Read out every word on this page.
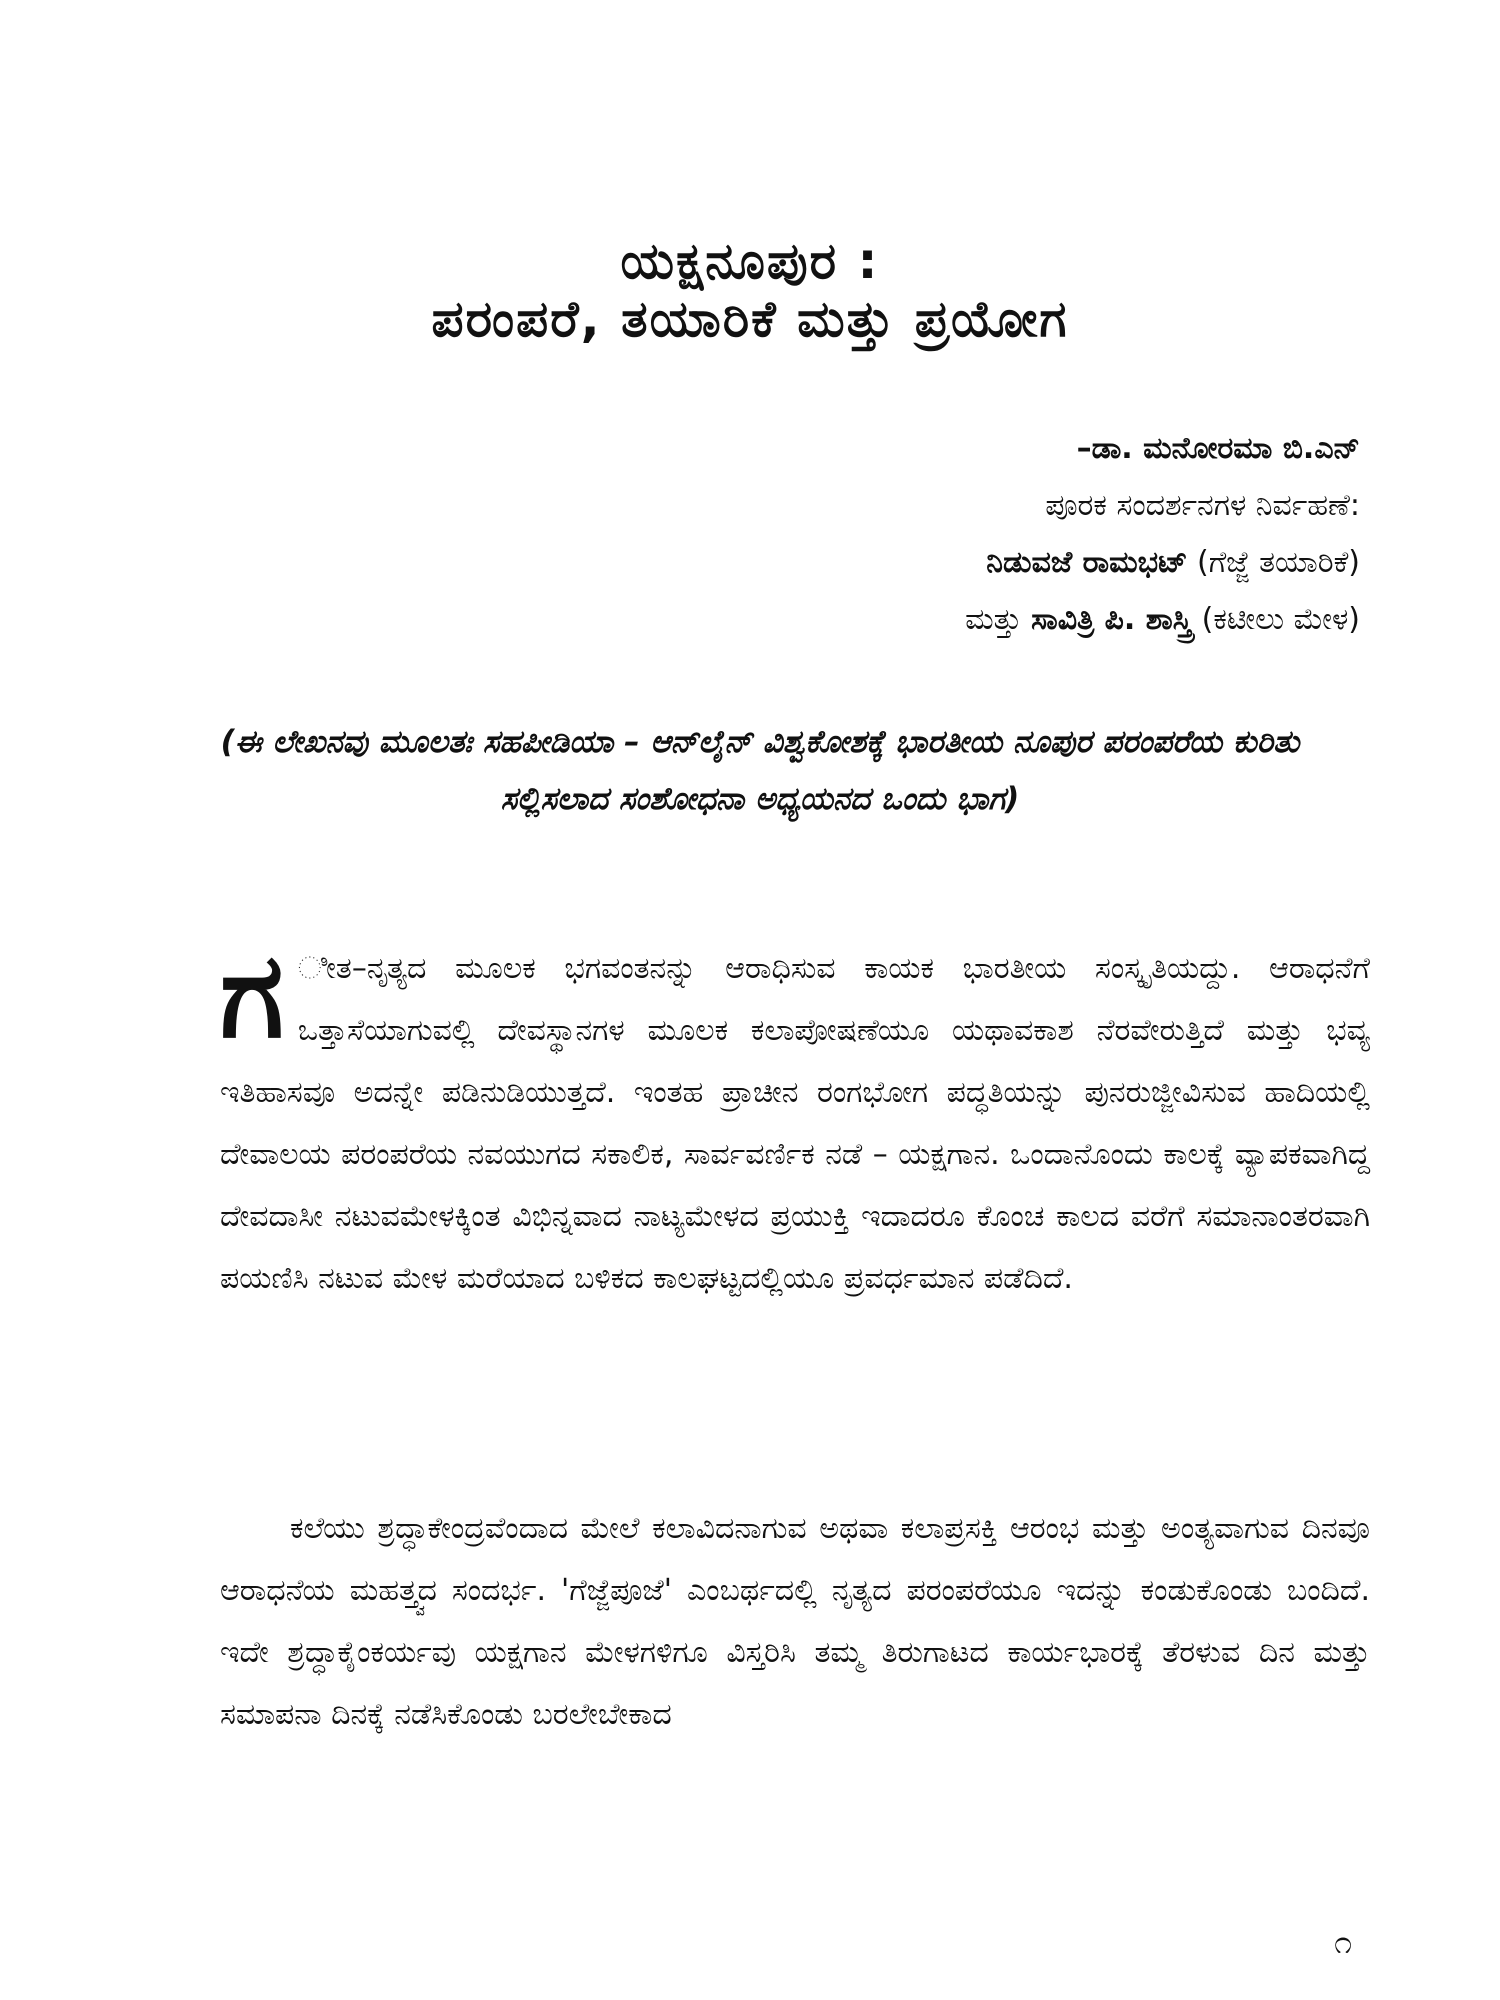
ಯಕ್ಷನೂಪುರ :
ಪರಂಪರೆ, ತಯಾರಿಕೆ ಮತ್ತು ಪ್ರಯೋಗ
–ಡಾ. ಮನೋರಮಾ ಬಿ.ಎನ್
ಪೂರಕ ಸಂದರ್ಶನಗಳ ನಿರ್ವಹಣೆ:
ನಿಡುವಜೆ ರಾಮಭಟ್ (ಗೆಜ್ಜೆ ತಯಾರಿಕೆ)
ಮತ್ತು ಸಾವಿತ್ರಿ ಪಿ. ಶಾಸ್ತ್ರಿ (ಕಟೀಲು ಮೇಳ)
(ಈ ಲೇಖನವು ಮೂಲತಃ ಸಹಪೀಡಿಯಾ – ಆನ್‌ಲೈನ್ ವಿಶ್ವಕೋಶಕ್ಕೆ ಭಾರತೀಯ ನೂಪುರ ಪರಂಪರೆಯ ಕುರಿತು ಸಲ್ಲಿಸಲಾದ ಸಂಶೋಧನಾ ಅಧ್ಯಯನದ ಒಂದು ಭಾಗ)
ಗ ೀತ–ನೃತ್ಯದ ಮೂಲಕ ಭಗವಂತನನ್ನು ಆರಾಧಿಸುವ ಕಾಯಕ ಭಾರತೀಯ ಸಂಸ್ಕೃತಿಯದ್ದು. ಆರಾಧನೆಗೆ ಒತ್ತಾಸೆಯಾಗುವಲ್ಲಿ ದೇವಸ್ಥಾನಗಳ ಮೂಲಕ ಕಲಾಪೋಷಣೆಯೂ ಯಥಾವಕಾಶ ನೆರವೇರುತ್ತಿದೆ ಮತ್ತು ಭವ್ಯ ಇತಿಹಾಸವೂ ಅದನ್ನೇ ಪಡಿನುಡಿಯುತ್ತದೆ. ಇಂತಹ ಪ್ರಾಚೀನ ರಂಗಭೋಗ ಪದ್ಧತಿಯನ್ನು ಪುನರುಜ್ಜೀವಿಸುವ ಹಾದಿಯಲ್ಲಿ ದೇವಾಲಯ ಪರಂಪರೆಯ ನವಯುಗದ ಸಕಾಲಿಕ, ಸಾರ್ವವರ್ಣಿಕ ನಡೆ – ಯಕ್ಷಗಾನ. ಒಂದಾನೊಂದು ಕಾಲಕ್ಕೆ ವ್ಯಾಪಕವಾಗಿದ್ದ ದೇವದಾಸೀ ನಟುವಮೇಳಕ್ಕಿಂತ ವಿಭಿನ್ನವಾದ ನಾಟ್ಯಮೇಳದ ಪ್ರಯುಕ್ತಿ ಇದಾದರೂ ಕೊಂಚ ಕಾಲದ ವರೆಗೆ ಸಮಾನಾಂತರವಾಗಿ ಪಯಣಿಸಿ ನಟುವ ಮೇಳ ಮರೆಯಾದ ಬಳಿಕದ ಕಾಲಘಟ್ಟದಲ್ಲಿಯೂ ಪ್ರವರ್ಧಮಾನ ಪಡೆದಿದೆ.
ಕಲೆಯು ಶ್ರದ್ಧಾಕೇಂದ್ರವೆಂದಾದ ಮೇಲೆ ಕಲಾವಿದನಾಗುವ ಅಥವಾ ಕಲಾಪ್ರಸಕ್ತಿ ಆರಂಭ ಮತ್ತು ಅಂತ್ಯವಾಗುವ ದಿನವೂ ಆರಾಧನೆಯ ಮಹತ್ತ್ವದ ಸಂದರ್ಭ. 'ಗೆಜ್ಜೆಪೂಜೆ' ಎಂಬರ್ಥದಲ್ಲಿ ನೃತ್ಯದ ಪರಂಪರೆಯೂ ಇದನ್ನು ಕಂಡುಕೊಂಡು ಬಂದಿದೆ. ಇದೇ ಶ್ರದ್ಧಾಕೈಂಕರ್ಯವು ಯಕ್ಷಗಾನ ಮೇಳಗಳಿಗೂ ವಿಸ್ತರಿಸಿ ತಮ್ಮ ತಿರುಗಾಟದ ಕಾರ್ಯಭಾರಕ್ಕೆ ತೆರಳುವ ದಿನ ಮತ್ತು ಸಮಾಪನಾ ದಿನಕ್ಕೆ ನಡೆಸಿಕೊಂಡು ಬರಲೇಬೇಕಾದ
೧
